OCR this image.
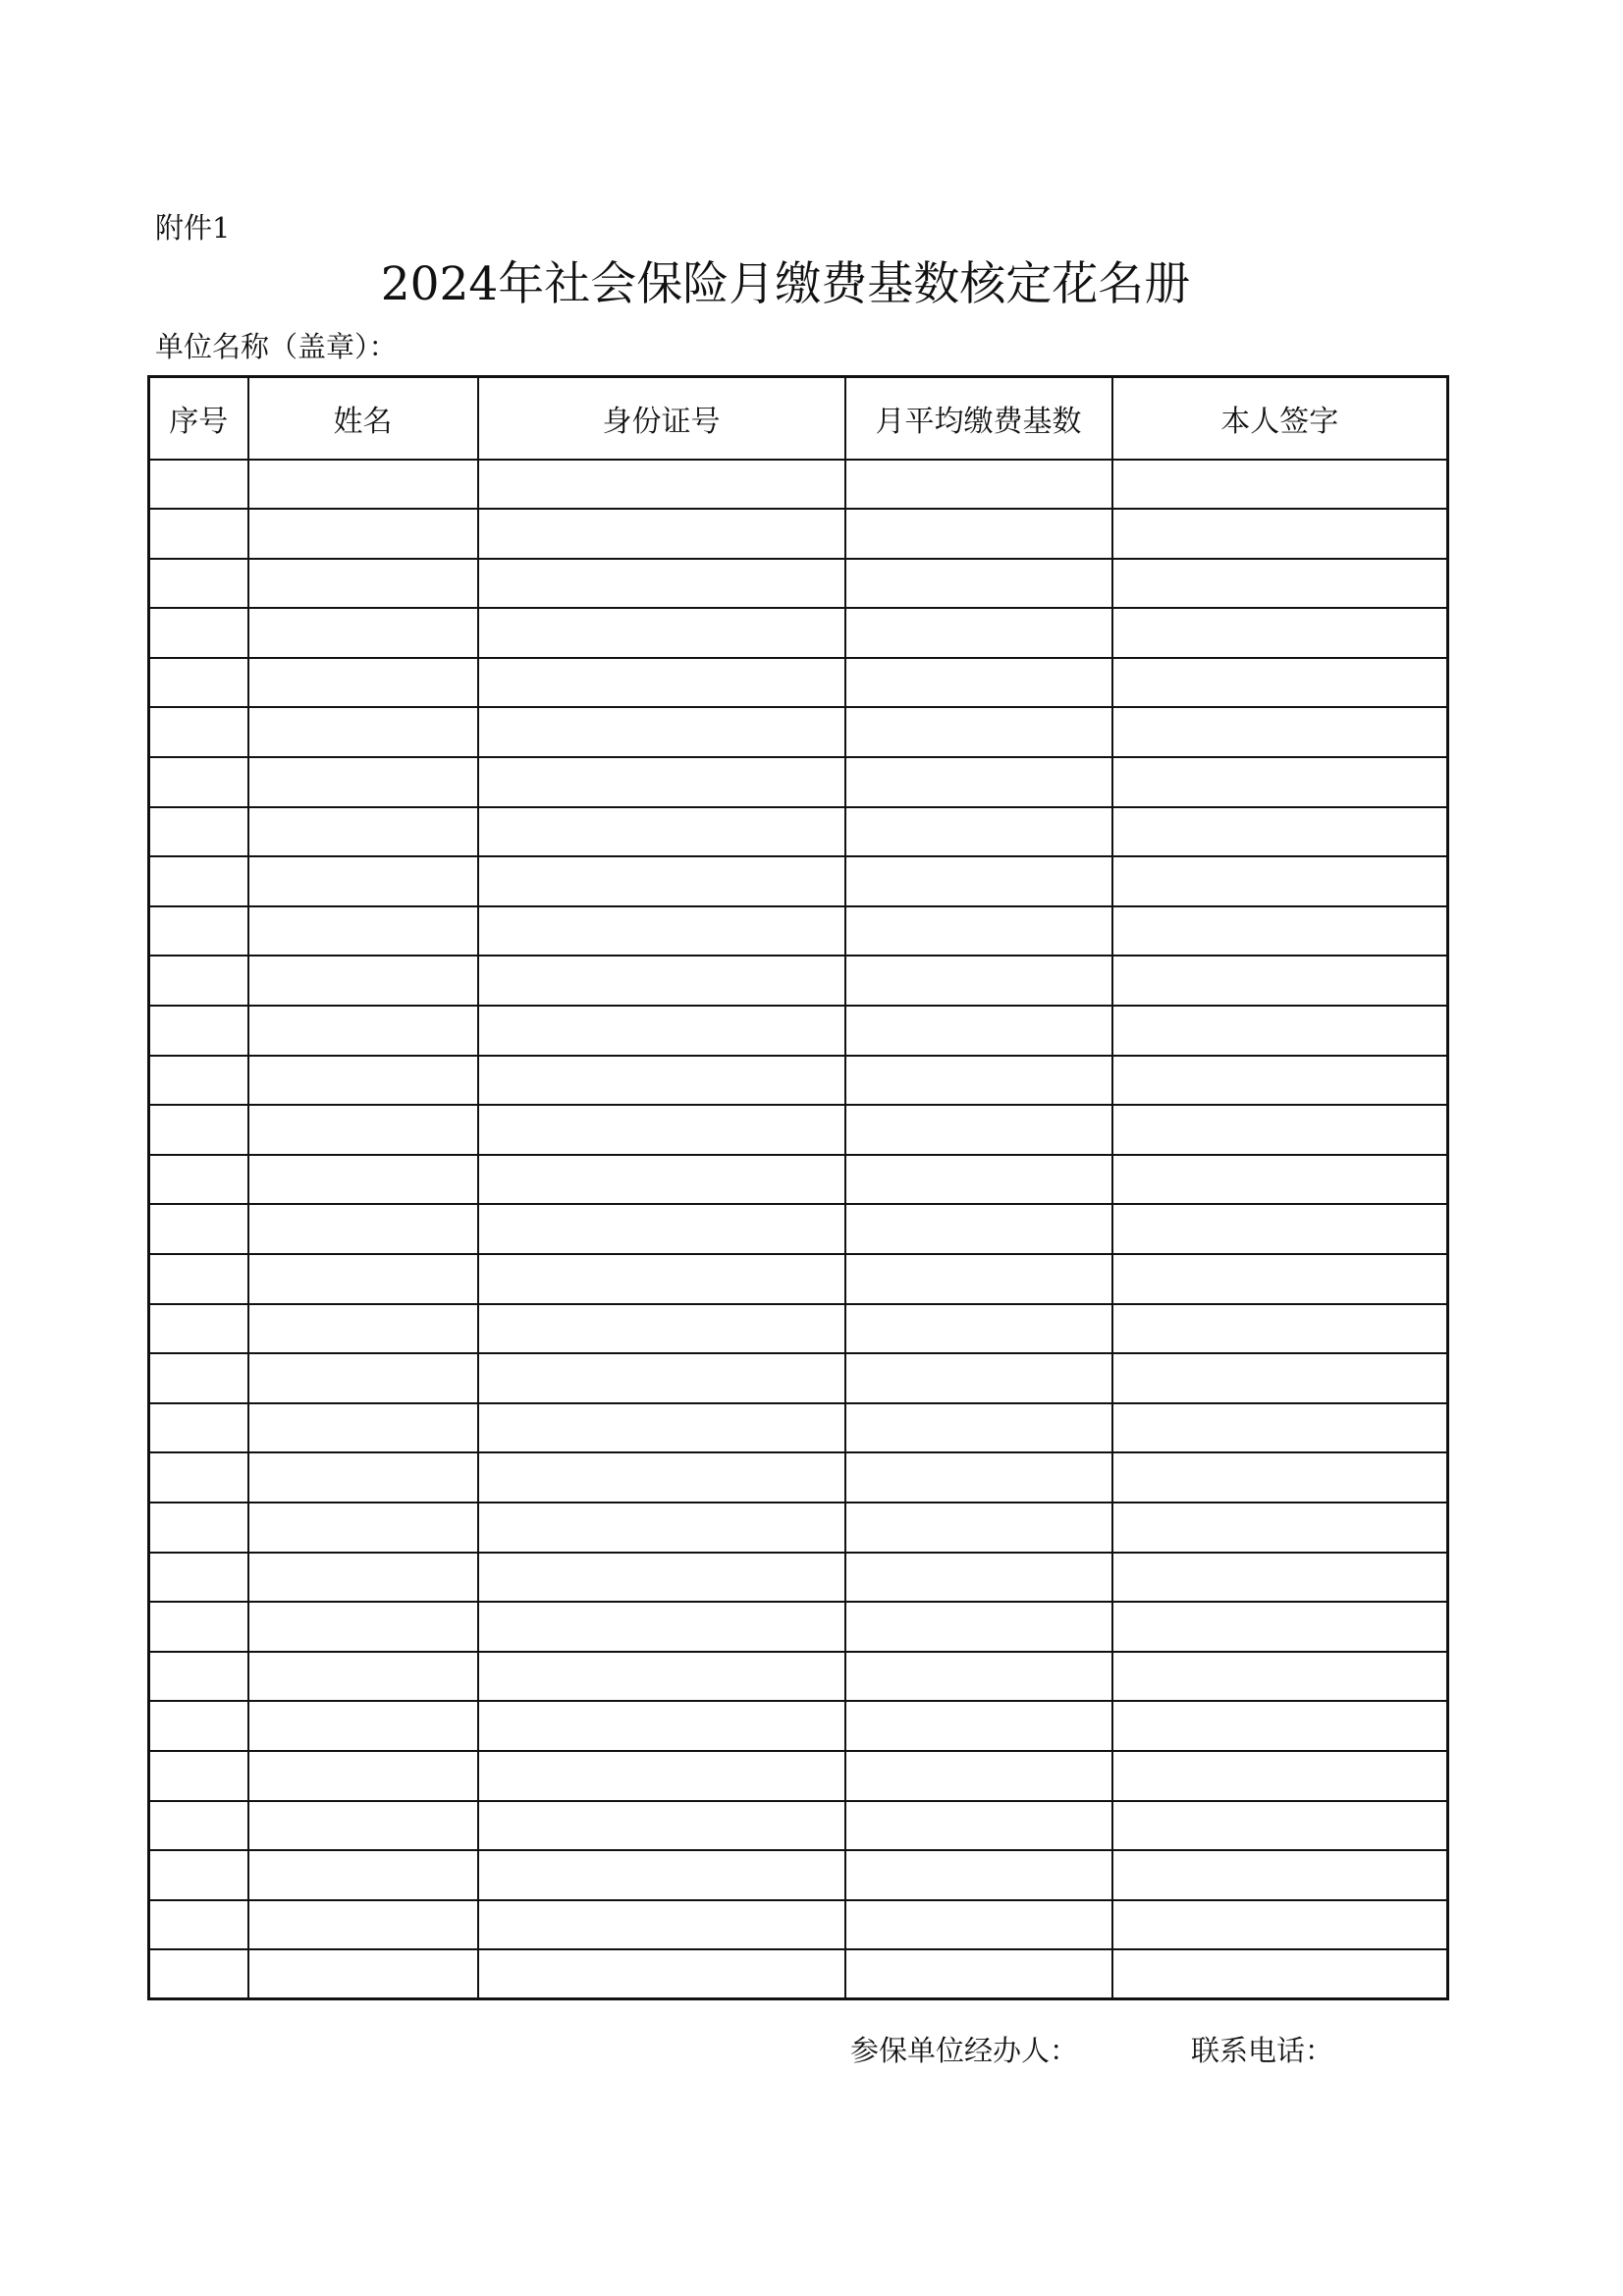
附件1
2024年社会保险月缴费基数核定花名册
单位名称（盖章）：
序号	姓名	身份证号	月平均缴费基数	本人签字

参保单位经办人：	联系电话：
